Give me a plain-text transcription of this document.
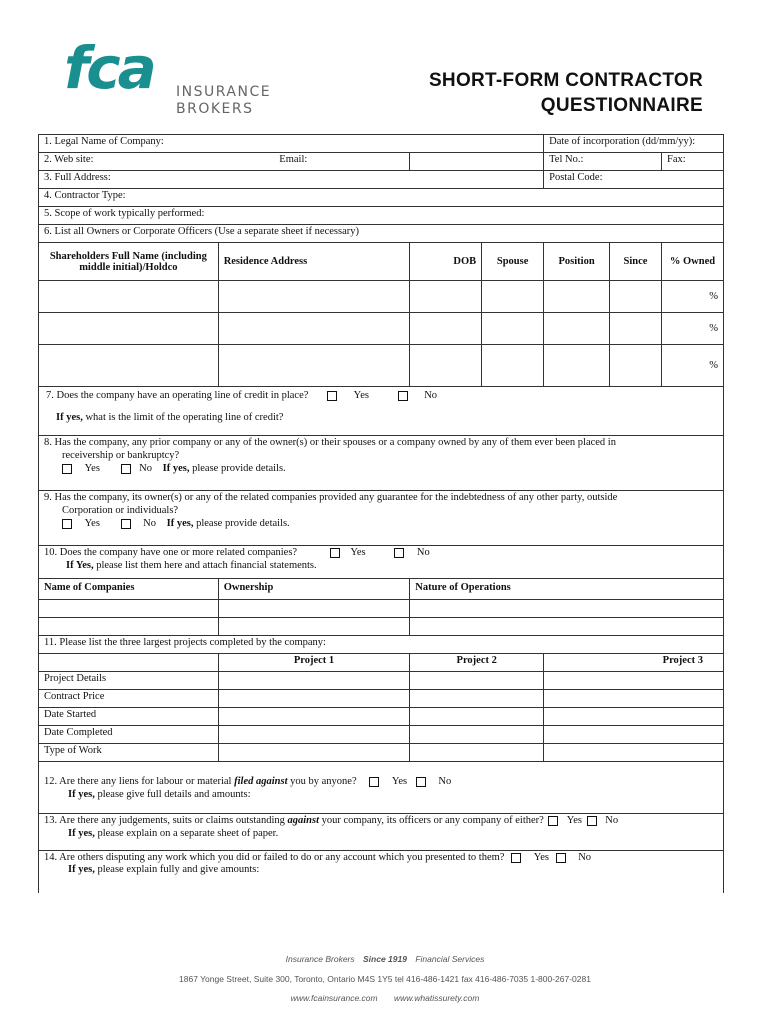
fca INSURANCE
BROKERS
SHORT-FORM CONTRACTOR
QUESTIONNAIRE
1. Legal Name of Company:				Date of incorporation (dd/mm/yy):		
2. Web site:		Email:		Tel No.:		Fax:
3. Full Address:				Postal Code:		
4. Contractor Type:						
5. Scope of work typically performed:						
6. List all Owners or Corporate Officers (Use a separate sheet if necessary)						
Shareholders Full Name (including middle initial)/Holdco	Residence Address	DOB	Spouse	Position	Since	% Owned
						%
						%
						%

7. Does the company have an operating line of credit in place? Yes No
If yes, what is the limit of the operating line of credit?						

8. Has the company, any prior company or any of the owner(s) or their spouses or a company owned by any of them ever been placed in
receivership or bankruptcy?
Yes No If yes, please provide details.						

9. Has the company, its owner(s) or any of the related companies provided any guarantee for the indebtedness of any other party, outside
Corporation or individuals?
Yes No If yes, please provide details.						

10. Does the company have one or more related companies? Yes No
If Yes, please list them here and attach financial statements.						

Name of Companies	Ownership	Nature of Operations				

11. Please list the three largest projects completed by the company:						
	Project 1	Project 2		Project 3		
Project Details						
Contract Price						
Date Started						
Date Completed						
Type of Work						

12. Are there any liens for labour or material filed against you by anyone? Yes No
If yes, please give full details and amounts:						

13. Are there any judgements, suits or claims outstanding against your company, its officers or any company of either? Yes No
If yes, please explain on a separate sheet of paper.						

14. Are others disputing any work which you did or failed to do or any account which you presented to them? Yes No
If yes, please explain fully and give amounts:						
Insurance Brokers Since 1919 Financial Services
1867 Yonge Street, Suite 300, Toronto, Ontario M4S 1Y5 tel 416-486-1421 fax 416-486-7035 1-800-267-0281
www.fcainsurance.com www.whatissurety.com
